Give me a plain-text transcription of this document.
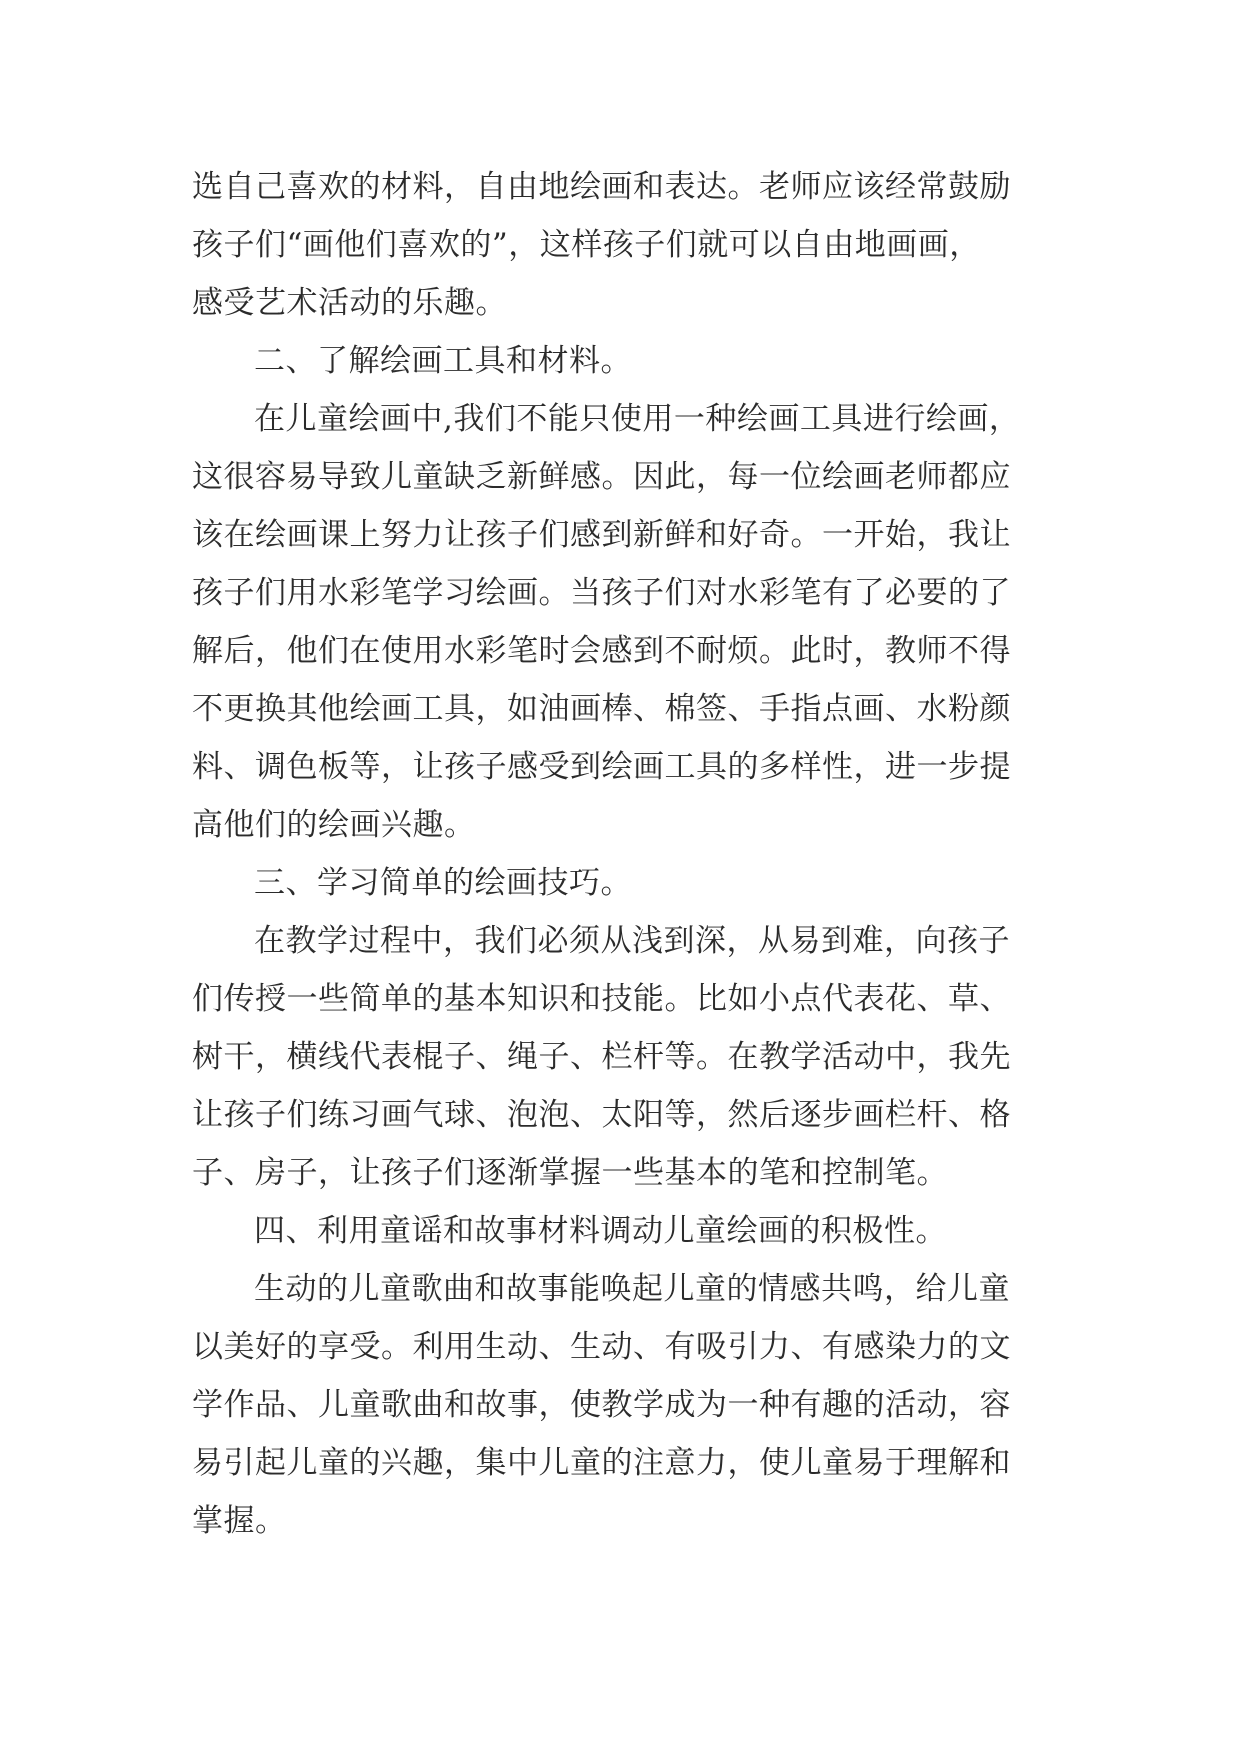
选自己喜欢的材料，自由地绘画和表达。老师应该经常鼓励
孩子们“画他们喜欢的”，这样孩子们就可以自由地画画，
感受艺术活动的乐趣。
二、了解绘画工具和材料。
在儿童绘画中,我们不能只使用一种绘画工具进行绘画，
这很容易导致儿童缺乏新鲜感。因此，每一位绘画老师都应
该在绘画课上努力让孩子们感到新鲜和好奇。一开始，我让
孩子们用水彩笔学习绘画。当孩子们对水彩笔有了必要的了
解后，他们在使用水彩笔时会感到不耐烦。此时，教师不得
不更换其他绘画工具，如油画棒、棉签、手指点画、水粉颜
料、调色板等，让孩子感受到绘画工具的多样性，进一步提
高他们的绘画兴趣。
三、学习简单的绘画技巧。
在教学过程中，我们必须从浅到深，从易到难，向孩子
们传授一些简单的基本知识和技能。比如小点代表花、草、
树干，横线代表棍子、绳子、栏杆等。在教学活动中，我先
让孩子们练习画气球、泡泡、太阳等，然后逐步画栏杆、格
子、房子，让孩子们逐渐掌握一些基本的笔和控制笔。
四、利用童谣和故事材料调动儿童绘画的积极性。
生动的儿童歌曲和故事能唤起儿童的情感共鸣，给儿童
以美好的享受。利用生动、生动、有吸引力、有感染力的文
学作品、儿童歌曲和故事，使教学成为一种有趣的活动，容
易引起儿童的兴趣，集中儿童的注意力，使儿童易于理解和
掌握。
